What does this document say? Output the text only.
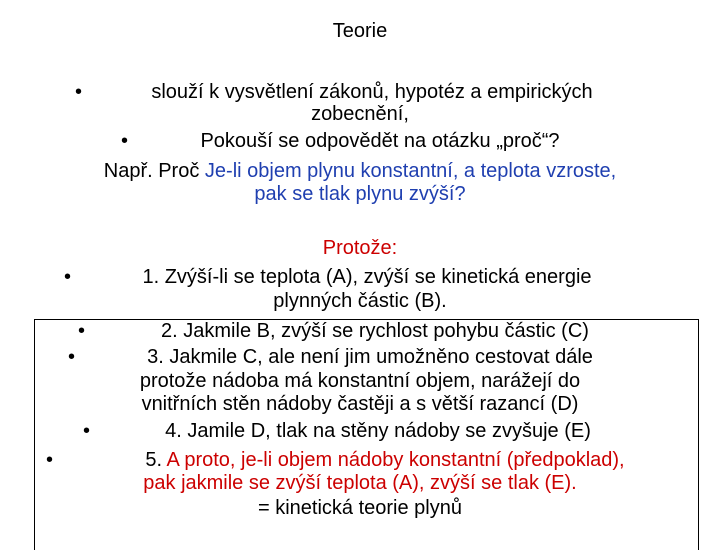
Teorie
•	slouží k vysvětlení zákonů, hypotéz a empirických
zobecnění,
•	Pokouší se odpovědět na otázku „proč“?
Např. Proč Je-li objem plynu konstantní, a teplota vzroste,
pak se tlak plynu zvýší?
Protože:
•	1. Zvýší-li se teplota (A), zvýší se kinetická energie
plynných částic (B).
•	2. Jakmile B, zvýší se rychlost pohybu částic (C)
•	3. Jakmile C, ale není jim umožněno cestovat dále
protože nádoba má konstantní objem, narážejí do
vnitřních stěn nádoby častěji a s větší razancí (D)
•	4. Jamile D, tlak na stěny nádoby se zvyšuje (E)
•	5. A proto, je-li objem nádoby konstantní (předpoklad),
pak jakmile se zvýší teplota (A), zvýší se tlak (E).
= kinetická teorie plynů
